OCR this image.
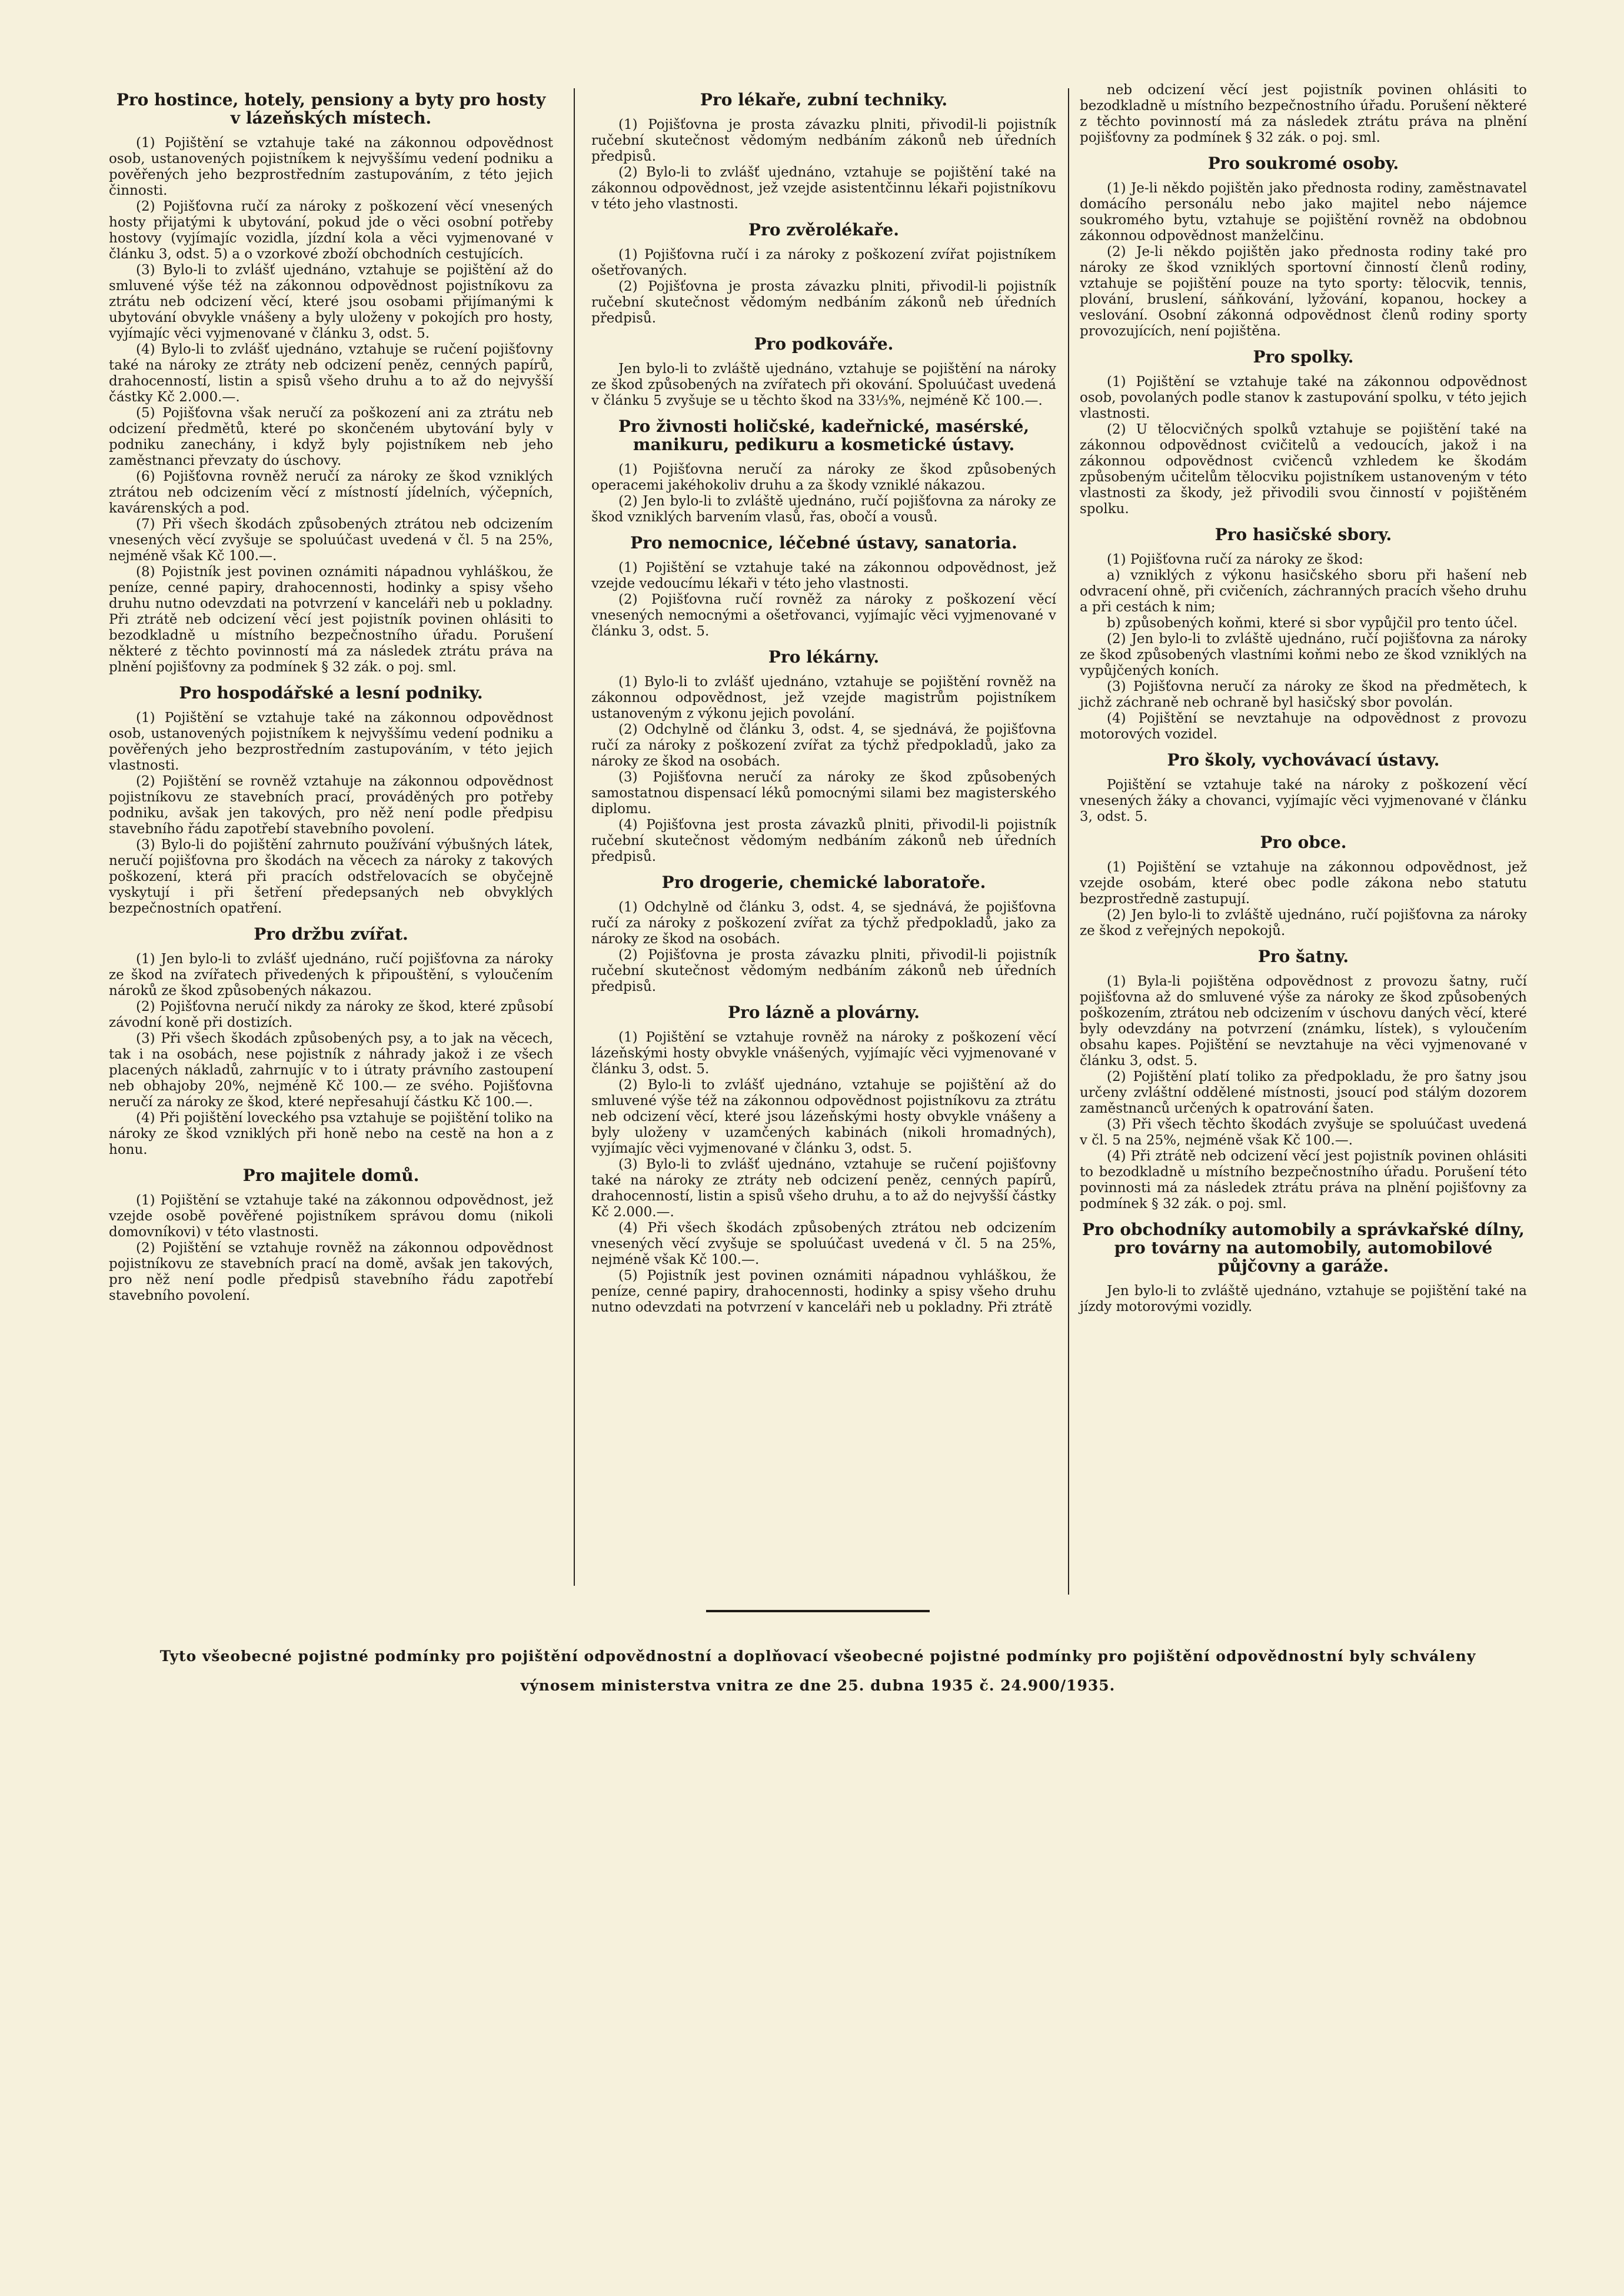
Pro hostince, hotely, pensiony a byty pro hosty v lázeňských místech.

(1) Pojištění se vztahuje také na zákonnou odpovědnost osob, ustanovených pojistníkem k nejvyššímu vedení podniku a pověřených jeho bezprostředním zastupováním, z této jejich činnosti.

(2) Pojišťovna ručí za nároky z poškození věcí vnesených hosty přijatými k ubytování, pokud jde o věci osobní potřeby hostovy (vyjímajíc vozidla, jízdní kola a věci vyjmenované v článku 3, odst. 5) a o vzorkové zboží obchodních cestujících.

(3) Bylo-li to zvlášť ujednáno, vztahuje se pojištění až do smluvené výše též na zákonnou odpovědnost pojistníkovu za ztrátu neb odcizení věcí, které jsou osobami přijímanými k ubytování obvykle vnášeny a byly uloženy v pokojích pro hosty, vyjímajíc věci vyjmenované v článku 3, odst. 5.

(4) Bylo-li to zvlášť ujednáno, vztahuje se ručení pojišťovny také na nároky ze ztráty neb odcizení peněz, cenných papírů, drahocenností, listin a spisů všeho druhu a to až do nejvyšší částky Kč 2.000.—.

(5) Pojišťovna však neručí za poškození ani za ztrátu neb odcizení předmětů, které po skončeném ubytování byly v podniku zanechány, i když byly pojistníkem neb jeho zaměstnanci převzaty do úschovy.

(6) Pojišťovna rovněž neručí za nároky ze škod vzniklých ztrátou neb odcizením věcí z místností jídelních, výčepních, kavárenských a pod.

(7) Při všech škodách způsobených ztrátou neb odcizením vnesených věcí zvyšuje se spoluúčast uvedená v čl. 5 na 25%, nejméně však Kč 100.—.

(8) Pojistník jest povinen oznámiti nápadnou vyhláškou, že peníze, cenné papiry, drahocennosti, hodinky a spisy všeho druhu nutno odevzdati na potvrzení v kanceláři neb u pokladny. Při ztrátě neb odcizení věcí jest pojistník povinen ohlásiti to bezodkladně u místního bezpečnostního úřadu. Porušení některé z těchto povinností má za následek ztrátu práva na plnění pojišťovny za podmínek § 32 zák. o poj. sml.

Pro hospodářské a lesní podniky.

(1) Pojištění se vztahuje také na zákonnou odpovědnost osob, ustanovených pojistníkem k nejvyššímu vedení podniku a pověřených jeho bezprostředním zastupováním, v této jejich vlastnosti.

(2) Pojištění se rovněž vztahuje na zákonnou odpovědnost pojistníkovu ze stavebních prací, prováděných pro potřeby podniku, avšak jen takových, pro něž není podle předpisu stavebního řádu zapotřebí stavebního povolení.

(3) Bylo-li do pojištění zahrnuto používání výbušných látek, neručí pojišťovna pro škodách na věcech za nároky z takových poškození, která při pracích odstřelovacích se obyčejně vyskytují i při šetření předepsaných neb obvyklých bezpečnostních opatření.

Pro držbu zvířat.

(1) Jen bylo-li to zvlášť ujednáno, ručí pojišťovna za nároky ze škod na zvířatech přivedených k připouštění, s vyloučením nároků ze škod způsobených nákazou.

(2) Pojišťovna neručí nikdy za nároky ze škod, které způsobí závodní koně při dostizích.

(3) Při všech škodách způsobených psy, a to jak na věcech, tak i na osobách, nese pojistník z náhrady jakož i ze všech placených nákladů, zahrnujíc v to i útraty právního zastoupení neb obhajoby 20%, nejméně Kč 100.— ze svého. Pojišťovna neručí za nároky ze škod, které nepřesahují částku Kč 100.—.

(4) Při pojištění loveckého psa vztahuje se pojištění toliko na nároky ze škod vzniklých při honě nebo na cestě na hon a z honu.

Pro majitele domů.

(1) Pojištění se vztahuje také na zákonnou odpovědnost, jež vzejde osobě pověřené pojistníkem správou domu (nikoli domovníkovi) v této vlastnosti.

(2) Pojištění se vztahuje rovněž na zákonnou odpovědnost pojistníkovu ze stavebních prací na domě, avšak jen takových, pro něž není podle předpisů stavebního řádu zapotřebí stavebního povolení.

Pro lékaře, zubní techniky.

(1) Pojišťovna je prosta závazku plniti, přivodil-li pojistník ručební skutečnost vědomým nedbáním zákonů neb úředních předpisů.

(2) Bylo-li to zvlášť ujednáno, vztahuje se pojištění také na zákonnou odpovědnost, jež vzejde asistentčinnu lékaři pojistníkovu v této jeho vlastnosti.

Pro zvěrolékaře.

(1) Pojišťovna ručí i za nároky z poškození zvířat pojistníkem ošetřovaných.

(2) Pojišťovna je prosta závazku plniti, přivodil-li pojistník ručební skutečnost vědomým nedbáním zákonů neb úředních předpisů.

Pro podkováře.

Jen bylo-li to zvláště ujednáno, vztahuje se pojištění na nároky ze škod způsobených na zvířatech při okování. Spoluúčast uvedená v článku 5 zvyšuje se u těchto škod na 33⅓%, nejméně Kč 100.—.

Pro živnosti holičské, kadeřnické, masérské, manikuru, pedikuru a kosmetické ústavy.

(1) Pojišťovna neručí za nároky ze škod způsobených operacemi jakéhokoliv druhu a za škody vzniklé nákazou.

(2) Jen bylo-li to zvláště ujednáno, ručí pojišťovna za nároky ze škod vzniklých barvením vlasů, řas, obočí a vousů.

Pro nemocnice, léčebné ústavy, sanatoria.

(1) Pojištění se vztahuje také na zákonnou odpovědnost, jež vzejde vedoucímu lékaři v této jeho vlastnosti.

(2) Pojišťovna ručí rovněž za nároky z poškození věcí vnesených nemocnými a ošetřovanci, vyjímajíc věci vyjmenované v článku 3, odst. 5.

Pro lékárny.

(1) Bylo-li to zvlášť ujednáno, vztahuje se pojištění rovněž na zákonnou odpovědnost, jež vzejde magistrům pojistníkem ustanoveným z výkonu jejich povolání.

(2) Odchylně od článku 3, odst. 4, se sjednává, že pojišťovna ručí za nároky z poškození zvířat za týchž předpokladů, jako za nároky ze škod na osobách.

(3) Pojišťovna neručí za nároky ze škod způsobených samostatnou dispensací léků pomocnými silami bez magisterského diplomu.

(4) Pojišťovna jest prosta závazků plniti, přivodil-li pojistník ručební skutečnost vědomým nedbáním zákonů neb úředních předpisů.

Pro drogerie, chemické laboratoře.

(1) Odchylně od článku 3, odst. 4, se sjednává, že pojišťovna ručí za nároky z poškození zvířat za týchž předpokladů, jako za nároky ze škod na osobách.

(2) Pojišťovna je prosta závazku plniti, přivodil-li pojistník ručební skutečnost vědomým nedbáním zákonů neb úředních předpisů.

Pro lázně a plovárny.

(1) Pojištění se vztahuje rovněž na nároky z poškození věcí lázeňskými hosty obvykle vnášených, vyjímajíc věci vyjmenované v článku 3, odst. 5.

(2) Bylo-li to zvlášť ujednáno, vztahuje se pojištění až do smluvené výše též na zákonnou odpovědnost pojistníkovu za ztrátu neb odcizení věcí, které jsou lázeňskými hosty obvykle vnášeny a byly uloženy v uzamčených kabinách (nikoli hromadných), vyjímajíc věci vyjmenované v článku 3, odst. 5.

(3) Bylo-li to zvlášť ujednáno, vztahuje se ručení pojišťovny také na nároky ze ztráty neb odcizení peněz, cenných papírů, drahocenností, listin a spisů všeho druhu, a to až do nejvyšší částky Kč 2.000.—.

(4) Při všech škodách způsobených ztrátou neb odcizením vnesených věcí zvyšuje se spoluúčast uvedená v čl. 5 na 25%, nejméně však Kč 100.—.

(5) Pojistník jest povinen oznámiti nápadnou vyhláškou, že peníze, cenné papiry, drahocennosti, hodinky a spisy všeho druhu nutno odevzdati na potvrzení v kanceláři neb u pokladny. Při ztrátě

neb odcizení věcí jest pojistník povinen ohlásiti to bezodkladně u místního bezpečnostního úřadu. Porušení některé z těchto povinností má za následek ztrátu práva na plnění pojišťovny za podmínek § 32 zák. o poj. sml.

Pro soukromé osoby.

(1) Je-li někdo pojištěn jako přednosta rodiny, zaměstnavatel domácího personálu nebo jako majitel nebo nájemce soukromého bytu, vztahuje se pojištění rovněž na obdobnou zákonnou odpovědnost manželčinu.

(2) Je-li někdo pojištěn jako přednosta rodiny také pro nároky ze škod vzniklých sportovní činností členů rodiny, vztahuje se pojištění pouze na tyto sporty: tělocvik, tennis, plování, bruslení, sáňkování, lyžování, kopanou, hockey a veslování. Osobní zákonná odpovědnost členů rodiny sporty provozujících, není pojištěna.

Pro spolky.

(1) Pojištění se vztahuje také na zákonnou odpovědnost osob, povolaných podle stanov k zastupování spolku, v této jejich vlastnosti.

(2) U tělocvičných spolků vztahuje se pojištění také na zákonnou odpovědnost cvičitelů a vedoucích, jakož i na zákonnou odpovědnost cvičenců vzhledem ke škodám způsobeným učitelům tělocviku pojistníkem ustanoveným v této vlastnosti za škody, jež přivodili svou činností v pojištěném spolku.

Pro hasičské sbory.

(1) Pojišťovna ručí za nároky ze škod:

a) vzniklých z výkonu hasičského sboru při hašení neb odvracení ohně, při cvičeních, záchranných pracích všeho druhu a při cestách k nim;

b) způsobených koňmi, které si sbor vypůjčil pro tento účel.

(2) Jen bylo-li to zvláště ujednáno, ručí pojišťovna za nároky ze škod způsobených vlastními koňmi nebo ze škod vzniklých na vypůjčených koních.

(3) Pojišťovna neručí za nároky ze škod na předmětech, k jichž záchraně neb ochraně byl hasičský sbor povolán.

(4) Pojištění se nevztahuje na odpovědnost z provozu motorových vozidel.

Pro školy, vychovávací ústavy.

Pojištění se vztahuje také na nároky z poškození věcí vnesených žáky a chovanci, vyjímajíc věci vyjmenované v článku 3, odst. 5.

Pro obce.

(1) Pojištění se vztahuje na zákonnou odpovědnost, jež vzejde osobám, které obec podle zákona nebo statutu bezprostředně zastupují.

(2) Jen bylo-li to zvláště ujednáno, ručí pojišťovna za nároky ze škod z veřejných nepokojů.

Pro šatny.

(1) Byla-li pojištěna odpovědnost z provozu šatny, ručí pojišťovna až do smluvené výše za nároky ze škod způsobených poškozením, ztrátou neb odcizením v úschovu daných věcí, které byly odevzdány na potvrzení (známku, lístek), s vyloučením obsahu kapes. Pojištění se nevztahuje na věci vyjmenované v článku 3, odst. 5.

(2) Pojištění platí toliko za předpokladu, že pro šatny jsou určeny zvláštní oddělené místnosti, jsoucí pod stálým dozorem zaměstnanců určených k opatrování šaten.

(3) Při všech těchto škodách zvyšuje se spoluúčast uvedená v čl. 5 na 25%, nejméně však Kč 100.—.

(4) Při ztrátě neb odcizení věcí jest pojistník povinen ohlásiti to bezodkladně u místního bezpečnostního úřadu. Porušení této povinnosti má za následek ztrátu práva na plnění pojišťovny za podmínek § 32 zák. o poj. sml.

Pro obchodníky automobily a správkařské dílny, pro továrny na automobily, automobilové půjčovny a garáže.

Jen bylo-li to zvláště ujednáno, vztahuje se pojištění také na jízdy motorovými vozidly.

Tyto všeobecné pojistné podmínky pro pojištění odpovědnostní a doplňovací všeobecné pojistné podmínky pro pojištění odpovědnostní byly schváleny
výnosem ministerstva vnitra ze dne 25. dubna 1935 č. 24.900/1935.
